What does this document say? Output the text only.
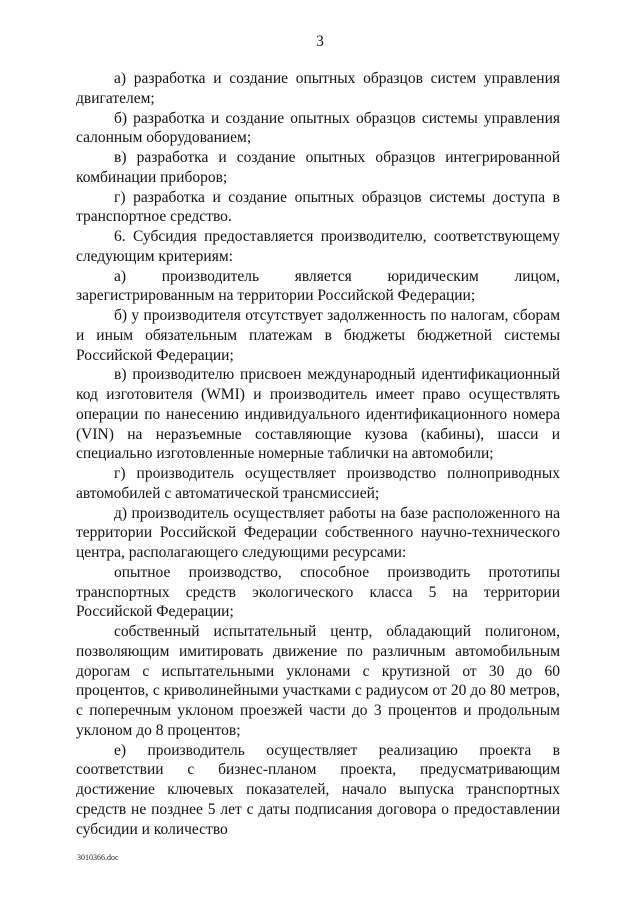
3

а) разработка и создание опытных образцов систем управления двигателем;

б) разработка и создание опытных образцов системы управления салонным оборудованием;

в) разработка и создание опытных образцов интегрированной комбинации приборов;

г) разработка и создание опытных образцов системы доступа в транспортное средство.

6. Субсидия предоставляется производителю, соответствующему следующим критериям:

а) производитель является юридическим лицом, зарегистрированным на территории Российской Федерации;

б) у производителя отсутствует задолженность по налогам, сборам и иным обязательным платежам в бюджеты бюджетной системы Российской Федерации;

в) производителю присвоен международный идентификационный код изготовителя (WMI) и производитель имеет право осуществлять операции по нанесению индивидуального идентификационного номера (VIN) на неразъемные составляющие кузова (кабины), шасси и специально изготовленные номерные таблички на автомобили;

г) производитель осуществляет производство полноприводных автомобилей с автоматической трансмиссией;

д) производитель осуществляет работы на базе расположенного на территории Российской Федерации собственного научно-технического центра, располагающего следующими ресурсами:

опытное производство, способное производить прототипы транспортных средств экологического класса 5 на территории Российской Федерации;

собственный испытательный центр, обладающий полигоном, позволяющим имитировать движение по различным автомобильным дорогам с испытательными уклонами с крутизной от 30 до 60 процентов, с криволинейными участками с радиусом от 20 до 80 метров, с поперечным уклоном проезжей части до 3 процентов и продольным уклоном до 8 процентов;

е) производитель осуществляет реализацию проекта в соответствии с бизнес-планом проекта, предусматривающим достижение ключевых показателей, начало выпуска транспортных средств не позднее 5 лет с даты подписания договора о предоставлении субсидии и количество

3010366.doc
